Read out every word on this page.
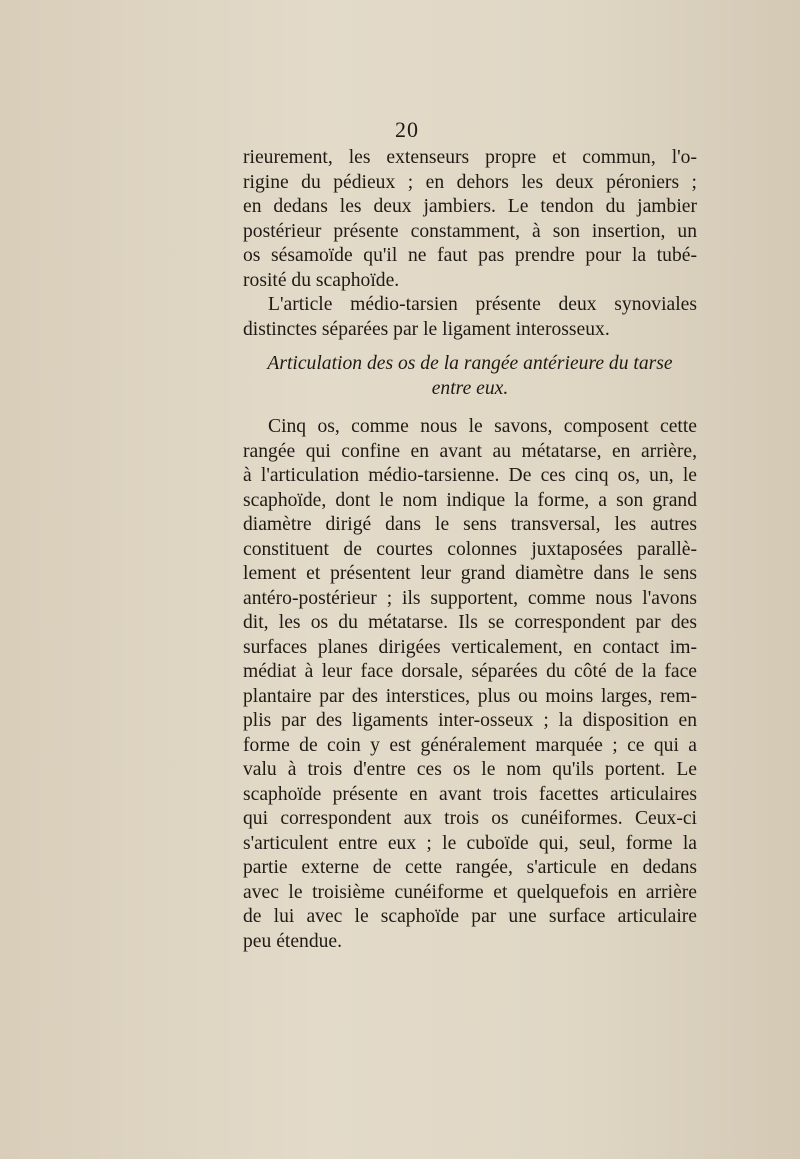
20
rieurement, les extenseurs propre et commun, l'o-
rigine du pédieux ; en dehors les deux péroniers ;
en dedans les deux jambiers. Le tendon du jambier
postérieur présente constamment, à son insertion, un
os sésamoïde qu'il ne faut pas prendre pour la tubé-
rosité du scaphoïde.
L'article médio-tarsien présente deux synoviales
distinctes séparées par le ligament interosseux.
Articulation des os de la rangée antérieure du tarse
entre eux.
Cinq os, comme nous le savons, composent cette
rangée qui confine en avant au métatarse, en arrière,
à l'articulation médio-tarsienne. De ces cinq os, un, le
scaphoïde, dont le nom indique la forme, a son grand
diamètre dirigé dans le sens transversal, les autres
constituent de courtes colonnes juxtaposées parallè-
lement et présentent leur grand diamètre dans le sens
antéro-postérieur ; ils supportent, comme nous l'avons
dit, les os du métatarse. Ils se correspondent par des
surfaces planes dirigées verticalement, en contact im-
médiat à leur face dorsale, séparées du côté de la face
plantaire par des interstices, plus ou moins larges, rem-
plis par des ligaments inter-osseux ; la disposition en
forme de coin y est généralement marquée ; ce qui a
valu à trois d'entre ces os le nom qu'ils portent. Le
scaphoïde présente en avant trois facettes articulaires
qui correspondent aux trois os cunéiformes. Ceux-ci
s'articulent entre eux ; le cuboïde qui, seul, forme la
partie externe de cette rangée, s'articule en dedans
avec le troisième cunéiforme et quelquefois en arrière
de lui avec le scaphoïde par une surface articulaire
peu étendue.
